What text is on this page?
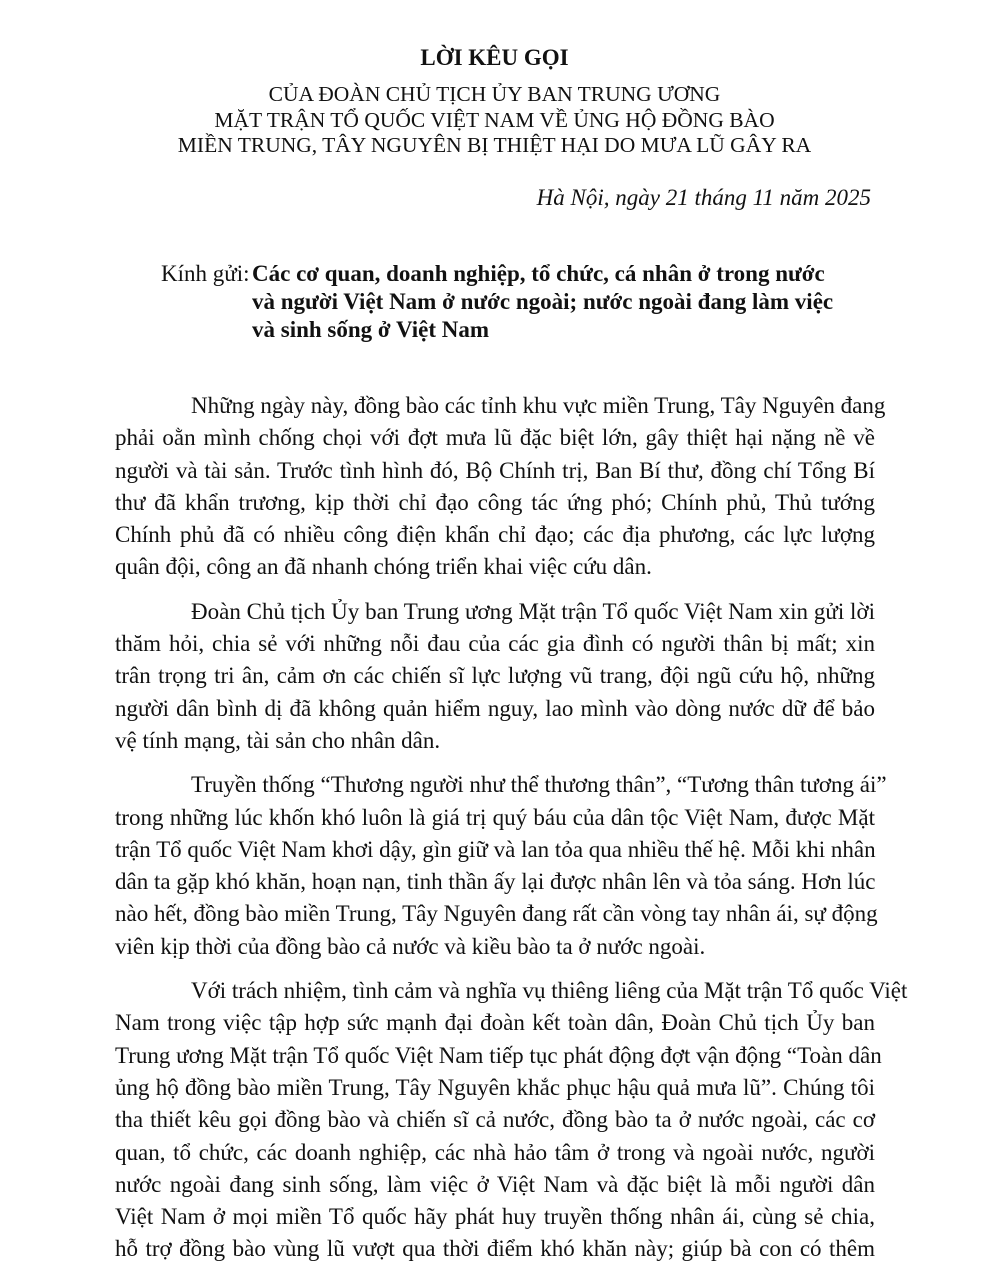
LỜI KÊU GỌI
CỦA ĐOÀN CHỦ TỊCH ỦY BAN TRUNG ƯƠNG
MẶT TRẬN TỔ QUỐC VIỆT NAM VỀ ỦNG HỘ ĐỒNG BÀO
MIỀN TRUNG, TÂY NGUYÊN BỊ THIỆT HẠI DO MƯA LŨ GÂY RA
Hà Nội, ngày 21 tháng 11 năm 2025
Kính gửi: Các cơ quan, doanh nghiệp, tổ chức, cá nhân ở trong nước
và người Việt Nam ở nước ngoài; nước ngoài đang làm việc
và sinh sống ở Việt Nam

Những ngày này, đồng bào các tỉnh khu vực miền Trung, Tây Nguyên đang
phải oằn mình chống chọi với đợt mưa lũ đặc biệt lớn, gây thiệt hại nặng nề về
người và tài sản. Trước tình hình đó, Bộ Chính trị, Ban Bí thư, đồng chí Tổng Bí
thư đã khẩn trương, kịp thời chỉ đạo công tác ứng phó; Chính phủ, Thủ tướng
Chính phủ đã có nhiều công điện khẩn chỉ đạo; các địa phương, các lực lượng
quân đội, công an đã nhanh chóng triển khai việc cứu dân.

Đoàn Chủ tịch Ủy ban Trung ương Mặt trận Tổ quốc Việt Nam xin gửi lời
thăm hỏi, chia sẻ với những nỗi đau của các gia đình có người thân bị mất; xin
trân trọng tri ân, cảm ơn các chiến sĩ lực lượng vũ trang, đội ngũ cứu hộ, những
người dân bình dị đã không quản hiểm nguy, lao mình vào dòng nước dữ để bảo
vệ tính mạng, tài sản cho nhân dân.

Truyền thống “Thương người như thể thương thân”, “Tương thân tương ái”
trong những lúc khốn khó luôn là giá trị quý báu của dân tộc Việt Nam, được Mặt
trận Tổ quốc Việt Nam khơi dậy, gìn giữ và lan tỏa qua nhiều thế hệ. Mỗi khi nhân
dân ta gặp khó khăn, hoạn nạn, tinh thần ấy lại được nhân lên và tỏa sáng. Hơn lúc
nào hết, đồng bào miền Trung, Tây Nguyên đang rất cần vòng tay nhân ái, sự động
viên kịp thời của đồng bào cả nước và kiều bào ta ở nước ngoài.

Với trách nhiệm, tình cảm và nghĩa vụ thiêng liêng của Mặt trận Tổ quốc Việt
Nam trong việc tập hợp sức mạnh đại đoàn kết toàn dân, Đoàn Chủ tịch Ủy ban
Trung ương Mặt trận Tổ quốc Việt Nam tiếp tục phát động đợt vận động “Toàn dân
ủng hộ đồng bào miền Trung, Tây Nguyên khắc phục hậu quả mưa lũ”. Chúng tôi
tha thiết kêu gọi đồng bào và chiến sĩ cả nước, đồng bào ta ở nước ngoài, các cơ
quan, tổ chức, các doanh nghiệp, các nhà hảo tâm ở trong và ngoài nước, người
nước ngoài đang sinh sống, làm việc ở Việt Nam và đặc biệt là mỗi người dân
Việt Nam ở mọi miền Tổ quốc hãy phát huy truyền thống nhân ái, cùng sẻ chia,
hỗ trợ đồng bào vùng lũ vượt qua thời điểm khó khăn này; giúp bà con có thêm
